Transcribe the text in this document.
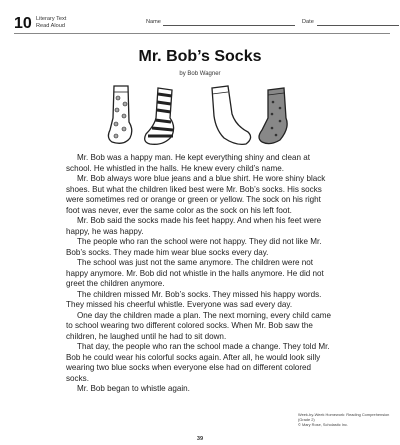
10 Literary Text
Read Aloud
Name	Date
Mr. Bob’s Socks
by Bob Wagner

Mr. Bob was a happy man. He kept everything shiny and clean at school. He whistled in the halls. He knew every child’s name.

Mr. Bob always wore blue jeans and a blue shirt. He wore shiny black shoes. But what the children liked best were Mr. Bob’s socks. His socks were sometimes red or orange or green or yellow. The sock on his right foot was never, ever the same color as the sock on his left foot.

Mr. Bob said the socks made his feet happy. And when his feet were happy, he was happy.

The people who ran the school were not happy. They did not like Mr. Bob’s socks. They made him wear blue socks every day.

The school was just not the same anymore. The children were not happy anymore. Mr. Bob did not whistle in the halls anymore. He did not greet the children anymore.

The children missed Mr. Bob’s socks. They missed his happy words. They missed his cheerful whistle. Everyone was sad every day.

One day the children made a plan. The next morning, every child came to school wearing two different colored socks. When Mr. Bob saw the children, he laughed until he had to sit down.

That day, the people who ran the school made a change. They told Mr. Bob he could wear his colorful socks again. After all, he would look silly wearing two blue socks when everyone else had on different colored socks.

Mr. Bob began to whistle again.

Week-by-Week Homework: Reading Comprehension (Grade 2)
© Mary Rose, Scholastic Inc.
39
